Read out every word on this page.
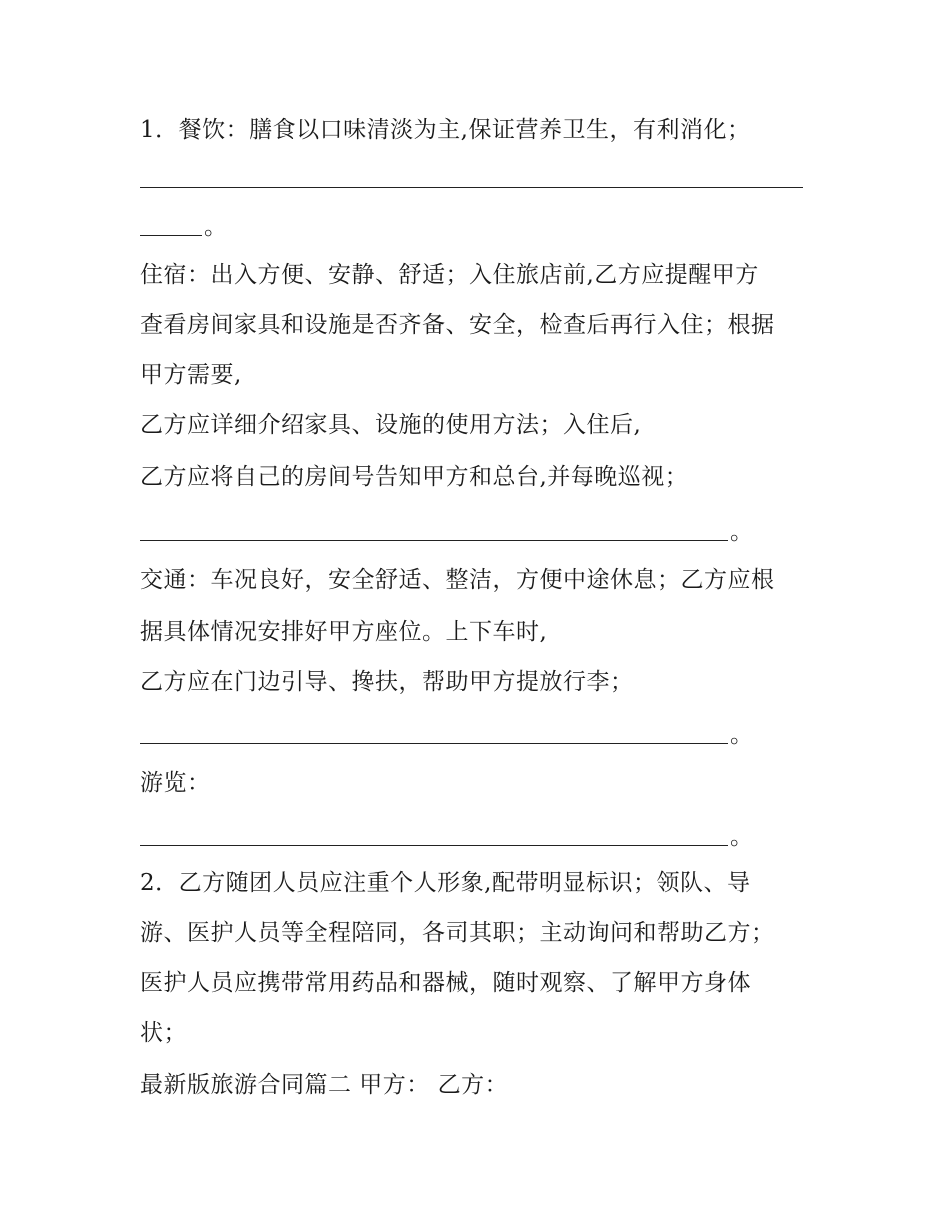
1．餐饮：膳食以口味清淡为主,保证营养卫生，有利消化；
。
住宿：出入方便、安静、舒适；入住旅店前,乙方应提醒甲方
查看房间家具和设施是否齐备、安全，检查后再行入住；根据
甲方需要,
乙方应详细介绍家具、设施的使用方法；入住后,
乙方应将自己的房间号告知甲方和总台,并每晚巡视；
。
交通：车况良好，安全舒适、整洁，方便中途休息；乙方应根
据具体情况安排好甲方座位。上下车时,
乙方应在门边引导、搀扶，帮助甲方提放行李；
。
游览：
。
2．乙方随团人员应注重个人形象,配带明显标识；领队、导
游、医护人员等全程陪同，各司其职；主动询问和帮助乙方；
医护人员应携带常用药品和器械，随时观察、了解甲方身体
状；
最新版旅游合同篇二 甲方： 乙方：
